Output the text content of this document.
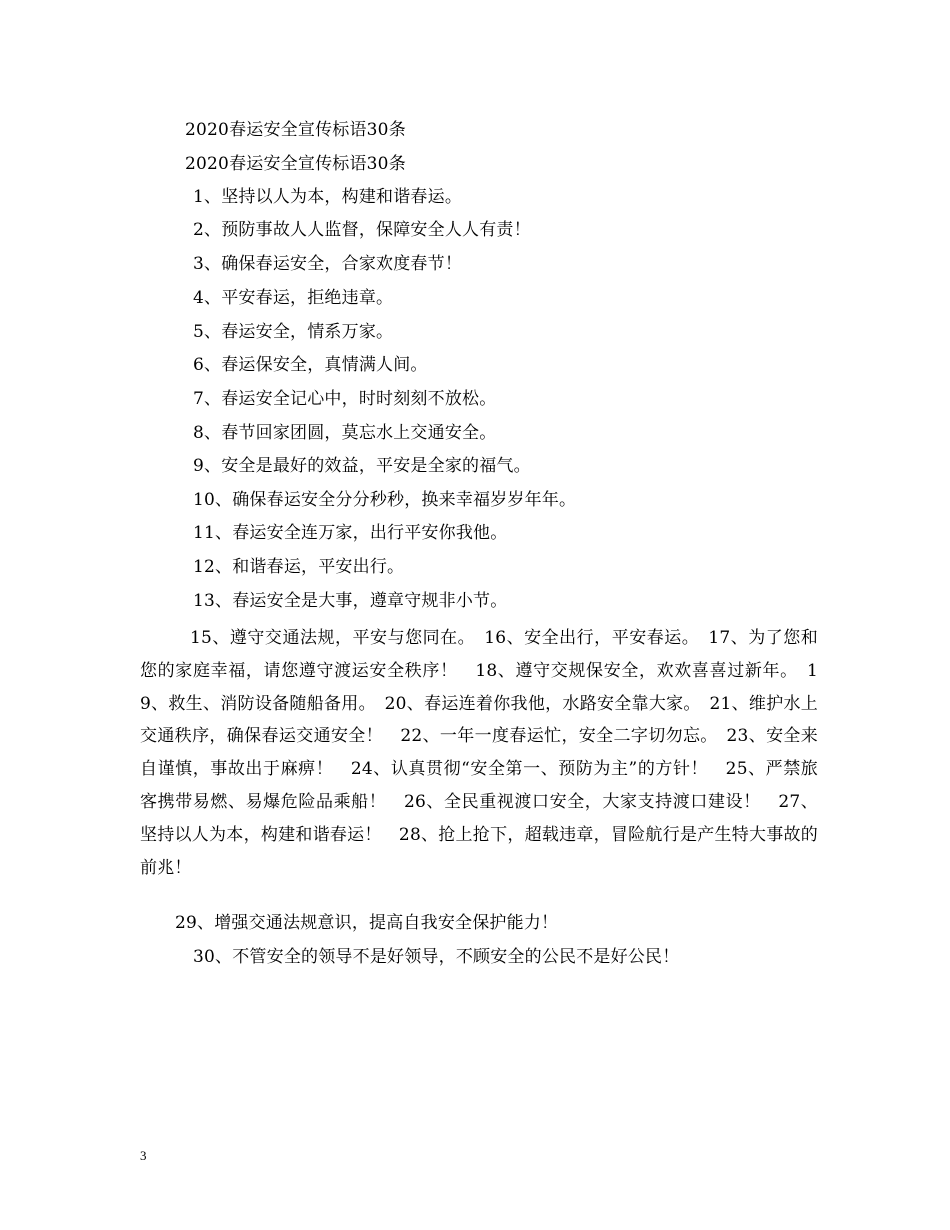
2020春运安全宣传标语30条
2020春运安全宣传标语30条
1、坚持以人为本，构建和谐春运。
2、预防事故人人监督，保障安全人人有责！
3、确保春运安全，合家欢度春节！
4、平安春运，拒绝违章。
5、春运安全，情系万家。
6、春运保安全，真情满人间。
7、春运安全记心中，时时刻刻不放松。
8、春节回家团圆，莫忘水上交通安全。
9、安全是最好的效益，平安是全家的福气。
10、确保春运安全分分秒秒，换来幸福岁岁年年。
11、春运安全连万家，出行平安你我他。
12、和谐春运，平安出行。
13、春运安全是大事，遵章守规非小节。
15、遵守交通法规，平安与您同在。　16、安全出行，平安春运。　17、为了您和您的家庭幸福，请您遵守渡运安全秩序！　18、遵守交规保安全，欢欢喜喜过新年。　19、救生、消防设备随船备用。　20、春运连着你我他，水路安全靠大家。　21、维护水上交通秩序，确保春运交通安全！　22、一年一度春运忙，安全二字切勿忘。　23、安全来自谨慎，事故出于麻痹！　24、认真贯彻“安全第一、预防为主”的方针！　25、严禁旅客携带易燃、易爆危险品乘船！　26、全民重视渡口安全，大家支持渡口建设！　27、坚持以人为本，构建和谐春运！　28、抢上抢下，超载违章，冒险航行是产生特大事故的前兆！
29、增强交通法规意识，提高自我安全保护能力！
30、不管安全的领导不是好领导，不顾安全的公民不是好公民！
3
